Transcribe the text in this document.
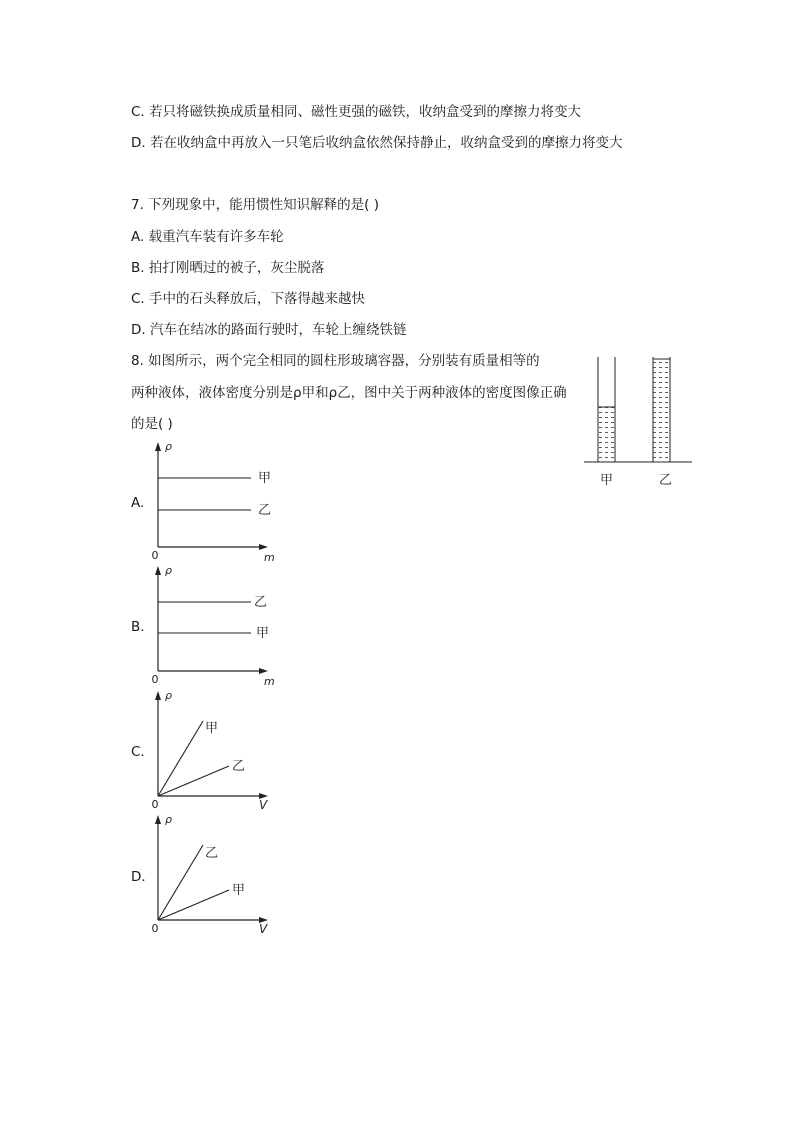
C. 若只将磁铁换成质量相同、磁性更强的磁铁，收纳盒受到的摩擦力将变大
D. 若在收纳盒中再放入一只笔后收纳盒依然保持静止，收纳盒受到的摩擦力将变大
7. 下列现象中，能用惯性知识解释的是( )
A. 载重汽车装有许多车轮
B. 拍打刚晒过的被子，灰尘脱落
C. 手中的石头释放后，下落得越来越快
D. 汽车在结冰的路面行驶时，车轮上缠绕铁链
8. 如图所示，两个完全相同的圆柱形玻璃容器，分别装有质量相等的
两种液体，液体密度分别是ρ甲和ρ乙，图中关于两种液体的密度图像正确
的是( )
甲	乙
A.
ρ
m
0
甲
乙
B.
ρ
m
0
乙
甲
C.
ρ
V
0
甲
乙
D.
ρ
V
0
乙
甲
